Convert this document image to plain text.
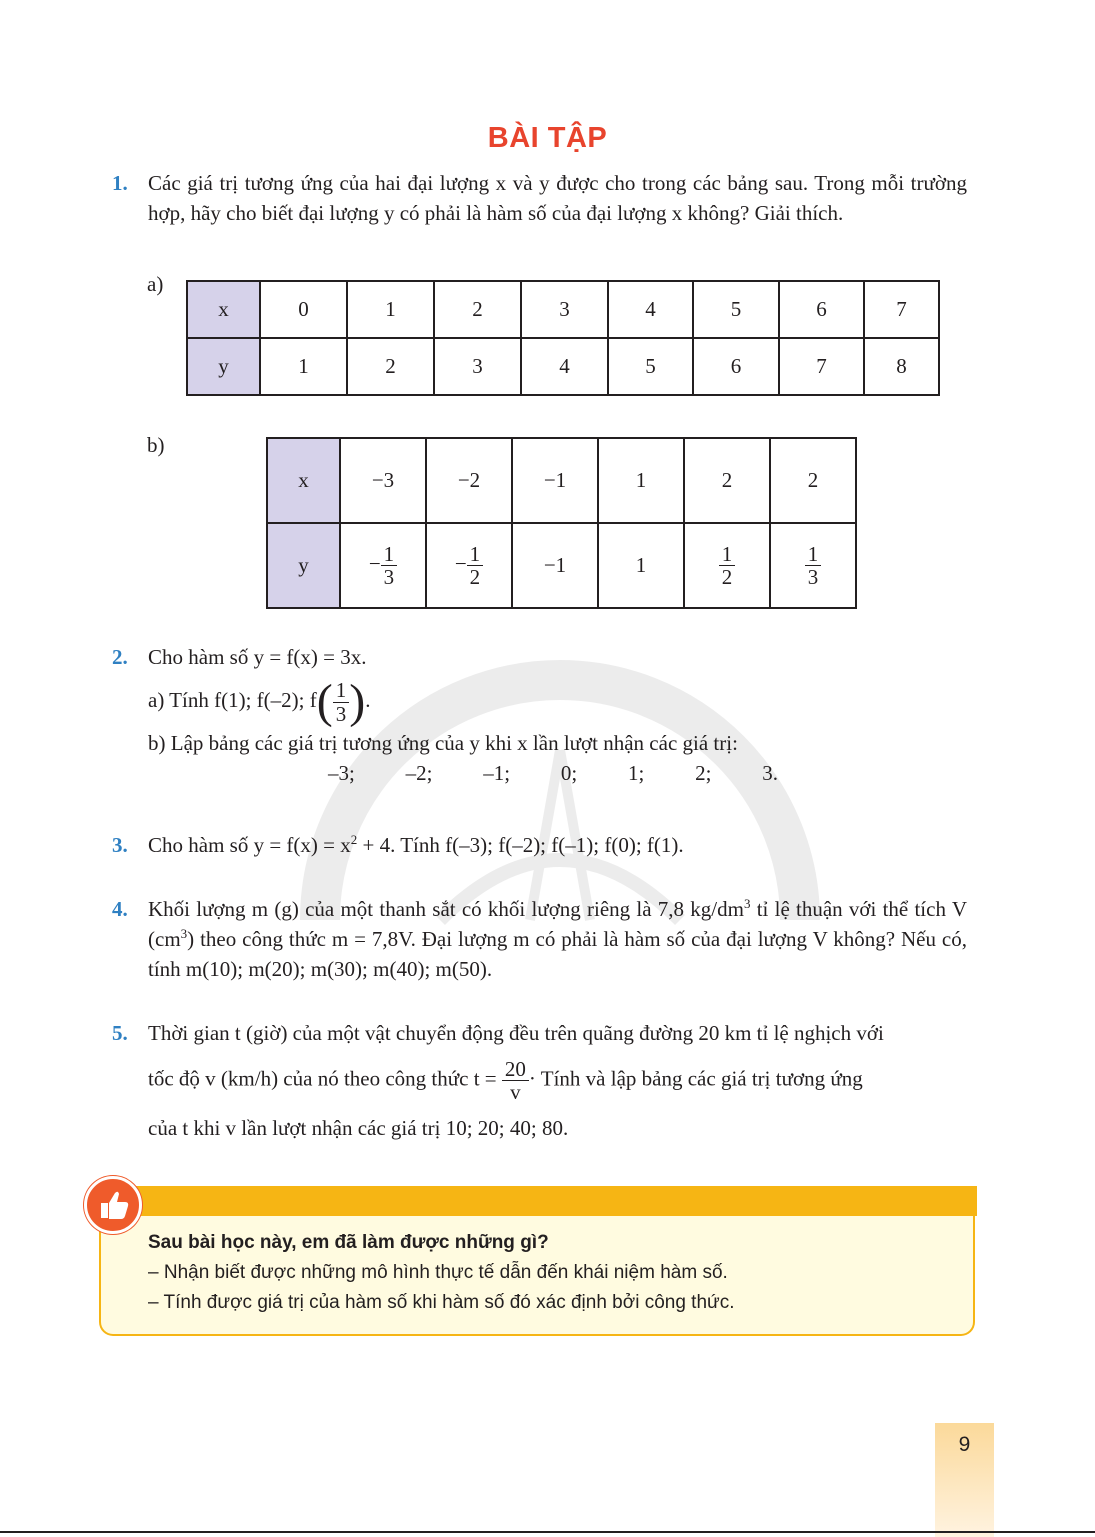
BÀI TẬP
1. Các giá trị tương ứng của hai đại lượng x và y được cho trong các bảng sau. Trong mỗi trường hợp, hãy cho biết đại lượng y có phải là hàm số của đại lượng x không? Giải thích.

a)
x	0	1	2	3	4	5	6	7
y	1	2	3	4	5	6	7	8
b)
x	−3	−2	−1	1	2	2
y	− $\frac{1}{3}$	− $\frac{1}{2}$	−1	1	$\frac{1}{2}$	$\frac{1}{3}$
2. Cho hàm số y = f(x) = 3x.

a) Tính f(1); f(–2); $f( \frac{1}{3}$ ).

b) Lập bảng các giá trị tương ứng của y khi x lần lượt nhận các giá trị:

–3; –2; –1; 0; 1; 2; 3.
3. Cho hàm số $y = f(x) = x^2 + 4$. Tính f(–3); f(–2); f(–1); f(0); f(1).

4. Khối lượng m (g) của một thanh sắt có khối lượng riêng là 7,8 $kg/dm^3$ tỉ lệ thuận với thể tích V $(cm^3)$ theo công thức m = 7,8V. Đại lượng m có phải là hàm số của đại lượng V không? Nếu có, tính m(10); m(20); m(30); m(40); m(50).

5. Thời gian t (giờ) của một vật chuyển động đều trên quãng đường 20 km tỉ lệ nghịch với

tốc độ v (km/h) của nó theo công thức $t = \frac{20}{v}$ · Tính và lập bảng các giá trị tương ứng

của t khi v lần lượt nhận các giá trị 10; 20; 40; 80.

Sau bài học này, em đã làm được những gì?
– Nhận biết được những mô hình thực tế dẫn đến khái niệm hàm số.
– Tính được giá trị của hàm số khi hàm số đó xác định bởi công thức.
9
